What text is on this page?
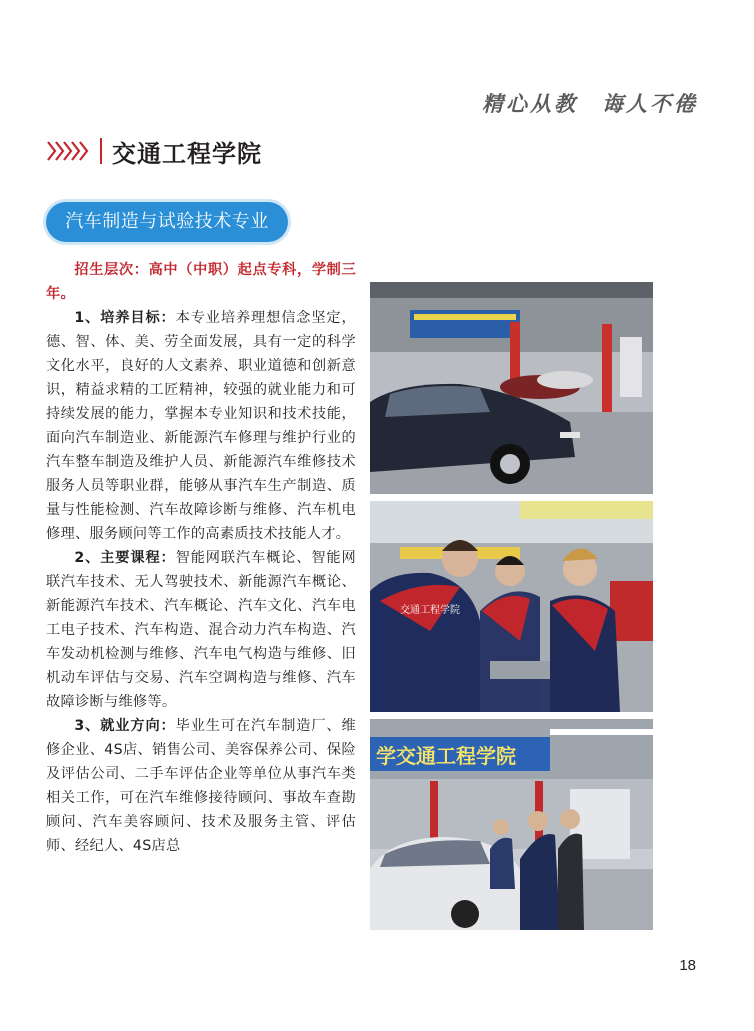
精心从教　诲人不倦
交通工程学院
汽车制造与试验技术专业

招生层次：高中（中职）起点专科，学制三年。

1、培养目标：本专业培养理想信念坚定，德、智、体、美、劳全面发展，具有一定的科学文化水平，良好的人文素养、职业道德和创新意识，精益求精的工匠精神，较强的就业能力和可持续发展的能力，掌握本专业知识和技术技能，面向汽车制造业、新能源汽车修理与维护行业的汽车整车制造及维护人员、新能源汽车维修技术服务人员等职业群，能够从事汽车生产制造、质量与性能检测、汽车故障诊断与维修、汽车机电修理、服务顾问等工作的高素质技术技能人才。

2、主要课程：智能网联汽车概论、智能网联汽车技术、无人驾驶技术、新能源汽车概论、新能源汽车技术、汽车概论、汽车文化、汽车电工电子技术、汽车构造、混合动力汽车构造、汽车发动机检测与维修、汽车电气构造与维修、旧机动车评估与交易、汽车空调构造与维修、汽车故障诊断与维修等。

3、就业方向：毕业生可在汽车制造厂、维修企业、4S店、销售公司、美容保养公司、保险及评估公司、二手车评估企业等单位从事汽车类相关工作，可在汽车维修接待顾问、事故车查勘顾问、汽车美容顾问、技术及服务主管、评估师、经纪人、4S店总

交通工程学院
学交通工程学院
18
